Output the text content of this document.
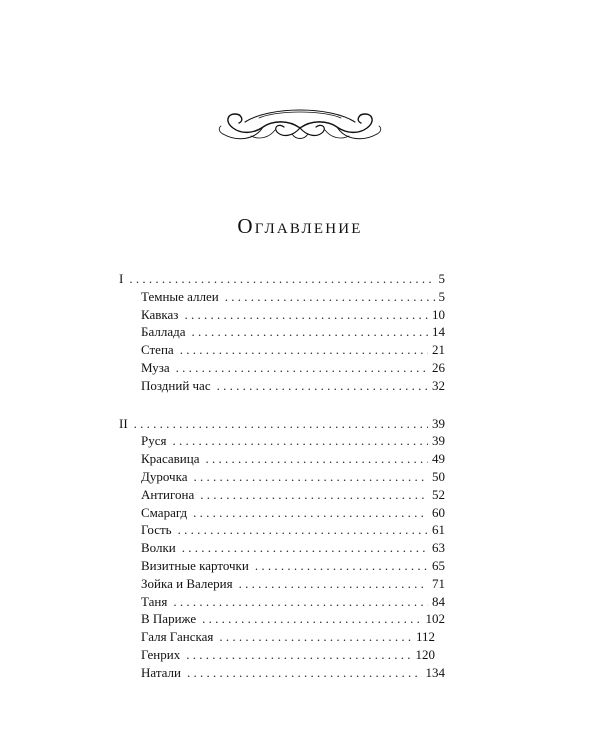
Оглавление
I . . .	5
Темные аллеи . . .	5
Кавказ . . .	10
Баллада . . .	14
Степа . . .	21
Муза . . .	26
Поздний час . . .	32
II . . .	39
Руся . . .	39
Красавица . . .	49
Дурочка . . .	50
Антигона . . .	52
Смарагд . . .	60
Гость . . .	61
Волки . . .	63
Визитные карточки . . .	65
Зойка и Валерия . . .	71
Таня . . .	84
В Париже . . .	102
Галя Ганская . . .	112
Генрих . . .	120
Натали . . .	134
